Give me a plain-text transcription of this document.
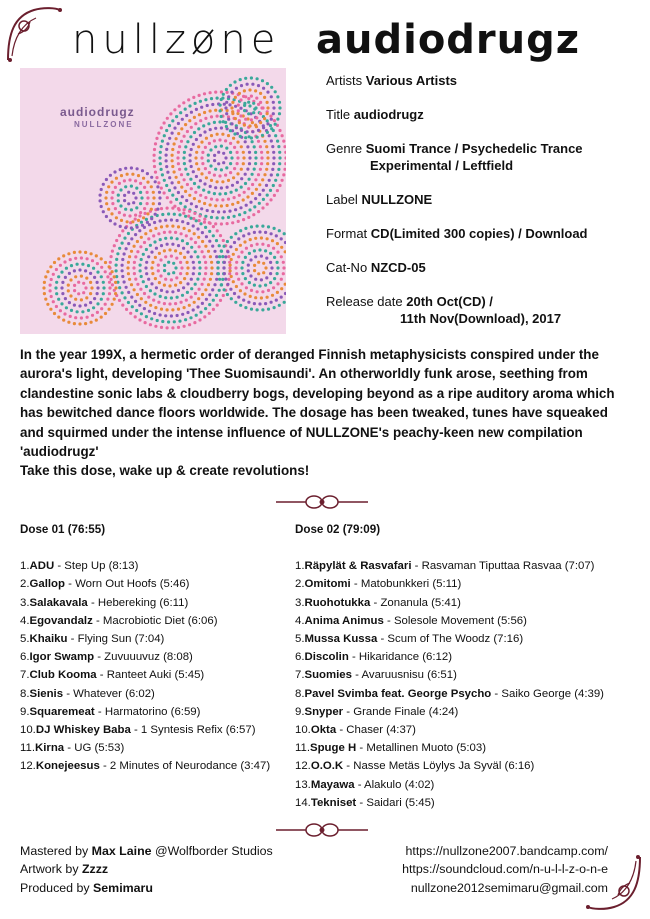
nullzøne audiodrugz
audiodrugz
NULLZONE
Artists Various Artists
Title audiodrugz
Genre Suomi Trance / Psychedelic Trance
Experimental / Leftfield
Label NULLZONE
Format CD(Limited 300 copies) / Download
Cat-No NZCD-05
Release date 20th Oct(CD) /
11th Nov(Download), 2017

In the year 199X, a hermetic order of deranged Finnish metaphysicists conspired under the aurora's light, developing 'Thee Suomisaundi'. An otherworldly funk arose, seething from clandestine sonic labs & cloudberry bogs, developing beyond as a ripe auditory aroma which has bewitched dance floors worldwide. The dosage has been tweaked, tunes have squeaked and squirmed under the intense influence of NULLZONE's peachy-keen new compilation 'audiodrugz'

Take this dose, wake up & create revolutions!

Dose 01 (76:55)
1.ADU - Step Up (8:13)
2.Gallop - Worn Out Hoofs (5:46)
3.Salakavala - Hebereking (6:11)
4.Egovandalz - Macrobiotic Diet (6:06)
5.Khaiku - Flying Sun (7:04)
6.Igor Swamp - Zuvuuuvuz (8:08)
7.Club Kooma - Ranteet Auki (5:45)
8.Sienis - Whatever (6:02)
9.Squaremeat - Harmatorino (6:59)
10.DJ Whiskey Baba - 1 Syntesis Refix (6:57)
11.Kirna - UG (5:53)
12.Konejeesus - 2 Minutes of Neurodance (3:47)
Dose 02 (79:09)
1.Räpylät & Rasvafari - Rasvaman Tiputtaa Rasvaa (7:07)
2.Omitomi - Matobunkkeri (5:11)
3.Ruohotukka - Zonanula (5:41)
4.Anima Animus - Solesole Movement (5:56)
5.Mussa Kussa - Scum of The Woodz (7:16)
6.Discolin - Hikaridance (6:12)
7.Suomies - Avaruusnisu (6:51)
8.Pavel Svimba feat. George Psycho - Saiko George (4:39)
9.Snyper - Grande Finale (4:24)
10.Okta - Chaser (4:37)
11.Spuge H - Metallinen Muoto (5:03)
12.O.O.K - Nasse Metäs Löylys Ja Syväl (6:16)
13.Mayawa - Alakulo (4:02)
14.Tekniset - Saidari (5:45)
Mastered by Max Laine @Wolfborder Studios
Artwork by Zzzz
Produced by Semimaru
https://nullzone2007.bandcamp.com/
https://soundcloud.com/n-u-l-l-z-o-n-e
nullzone2012semimaru@gmail.com
